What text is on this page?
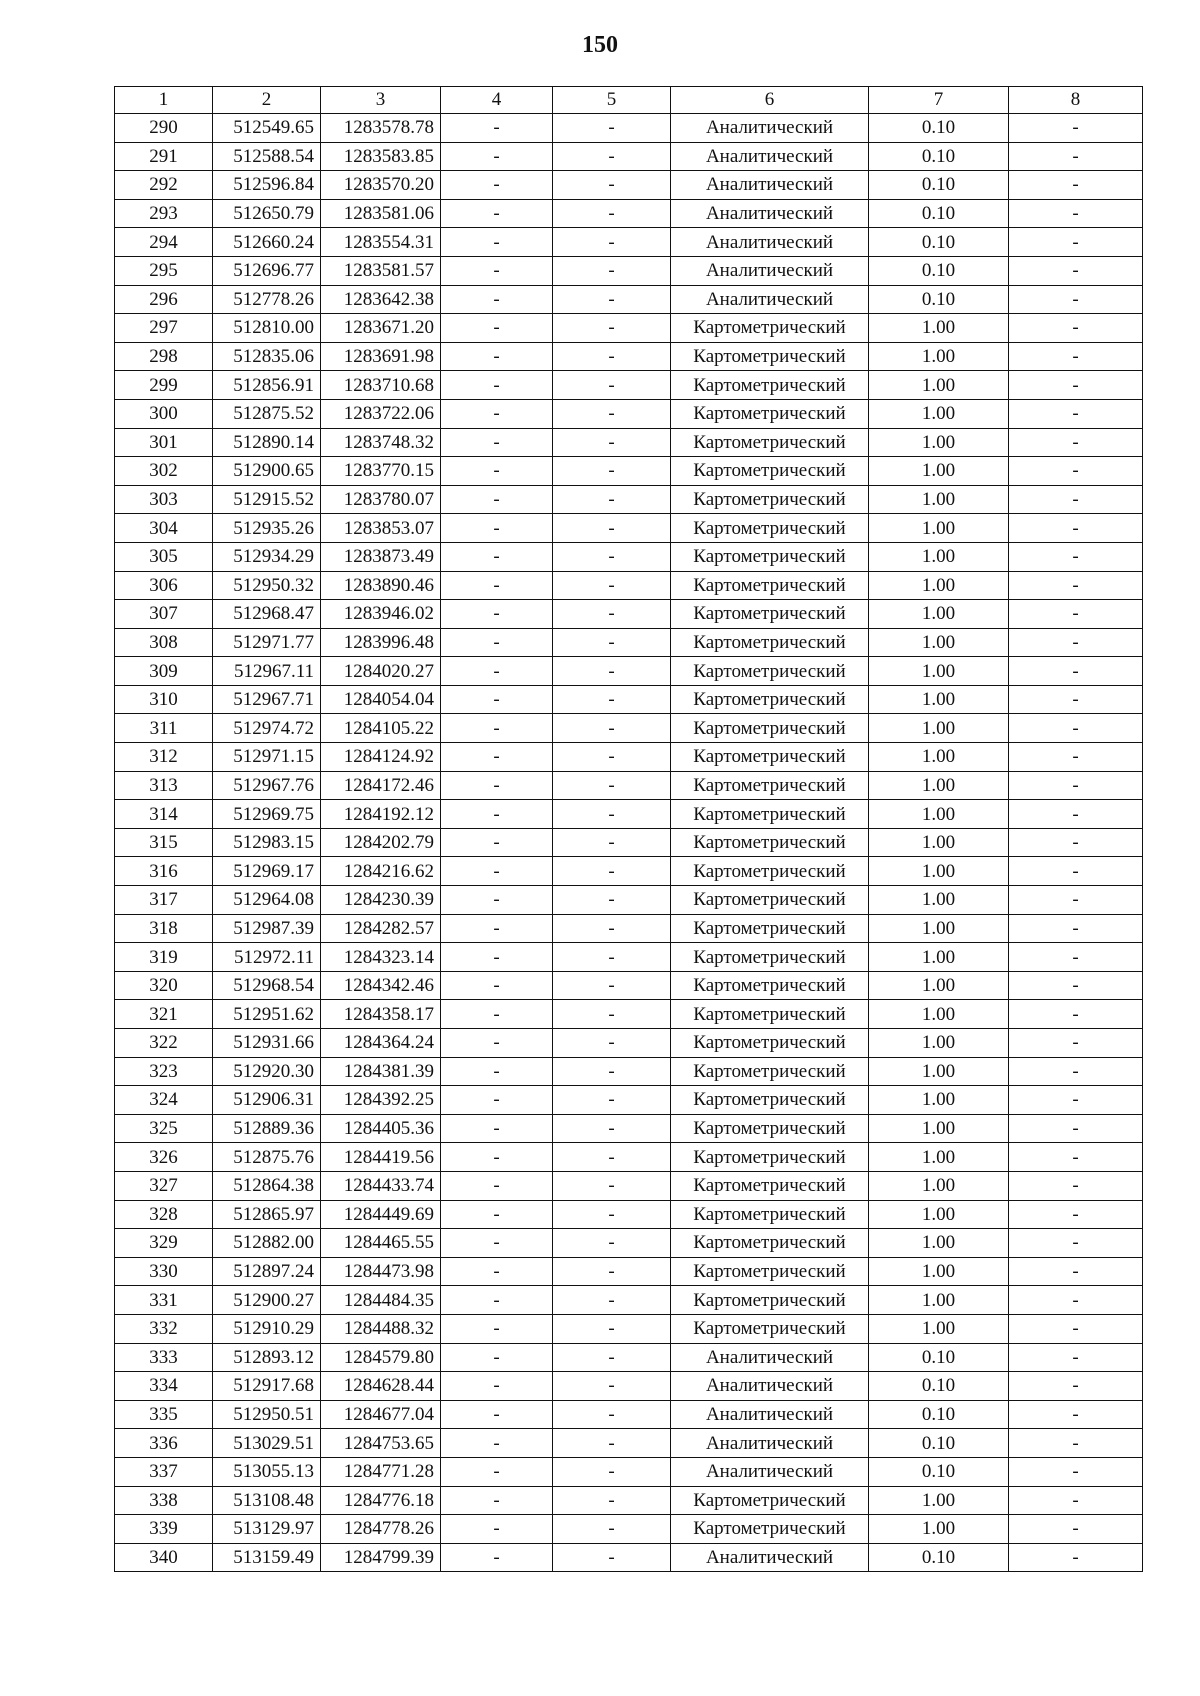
150
1	2	3	4	5	6	7	8
290	512549.65	1283578.78	-	-	Аналитический	0.10	-
291	512588.54	1283583.85	-	-	Аналитический	0.10	-
292	512596.84	1283570.20	-	-	Аналитический	0.10	-
293	512650.79	1283581.06	-	-	Аналитический	0.10	-
294	512660.24	1283554.31	-	-	Аналитический	0.10	-
295	512696.77	1283581.57	-	-	Аналитический	0.10	-
296	512778.26	1283642.38	-	-	Аналитический	0.10	-
297	512810.00	1283671.20	-	-	Картометрический	1.00	-
298	512835.06	1283691.98	-	-	Картометрический	1.00	-
299	512856.91	1283710.68	-	-	Картометрический	1.00	-
300	512875.52	1283722.06	-	-	Картометрический	1.00	-
301	512890.14	1283748.32	-	-	Картометрический	1.00	-
302	512900.65	1283770.15	-	-	Картометрический	1.00	-
303	512915.52	1283780.07	-	-	Картометрический	1.00	-
304	512935.26	1283853.07	-	-	Картометрический	1.00	-
305	512934.29	1283873.49	-	-	Картометрический	1.00	-
306	512950.32	1283890.46	-	-	Картометрический	1.00	-
307	512968.47	1283946.02	-	-	Картометрический	1.00	-
308	512971.77	1283996.48	-	-	Картометрический	1.00	-
309	512967.11	1284020.27	-	-	Картометрический	1.00	-
310	512967.71	1284054.04	-	-	Картометрический	1.00	-
311	512974.72	1284105.22	-	-	Картометрический	1.00	-
312	512971.15	1284124.92	-	-	Картометрический	1.00	-
313	512967.76	1284172.46	-	-	Картометрический	1.00	-
314	512969.75	1284192.12	-	-	Картометрический	1.00	-
315	512983.15	1284202.79	-	-	Картометрический	1.00	-
316	512969.17	1284216.62	-	-	Картометрический	1.00	-
317	512964.08	1284230.39	-	-	Картометрический	1.00	-
318	512987.39	1284282.57	-	-	Картометрический	1.00	-
319	512972.11	1284323.14	-	-	Картометрический	1.00	-
320	512968.54	1284342.46	-	-	Картометрический	1.00	-
321	512951.62	1284358.17	-	-	Картометрический	1.00	-
322	512931.66	1284364.24	-	-	Картометрический	1.00	-
323	512920.30	1284381.39	-	-	Картометрический	1.00	-
324	512906.31	1284392.25	-	-	Картометрический	1.00	-
325	512889.36	1284405.36	-	-	Картометрический	1.00	-
326	512875.76	1284419.56	-	-	Картометрический	1.00	-
327	512864.38	1284433.74	-	-	Картометрический	1.00	-
328	512865.97	1284449.69	-	-	Картометрический	1.00	-
329	512882.00	1284465.55	-	-	Картометрический	1.00	-
330	512897.24	1284473.98	-	-	Картометрический	1.00	-
331	512900.27	1284484.35	-	-	Картометрический	1.00	-
332	512910.29	1284488.32	-	-	Картометрический	1.00	-
333	512893.12	1284579.80	-	-	Аналитический	0.10	-
334	512917.68	1284628.44	-	-	Аналитический	0.10	-
335	512950.51	1284677.04	-	-	Аналитический	0.10	-
336	513029.51	1284753.65	-	-	Аналитический	0.10	-
337	513055.13	1284771.28	-	-	Аналитический	0.10	-
338	513108.48	1284776.18	-	-	Картометрический	1.00	-
339	513129.97	1284778.26	-	-	Картометрический	1.00	-
340	513159.49	1284799.39	-	-	Аналитический	0.10	-
